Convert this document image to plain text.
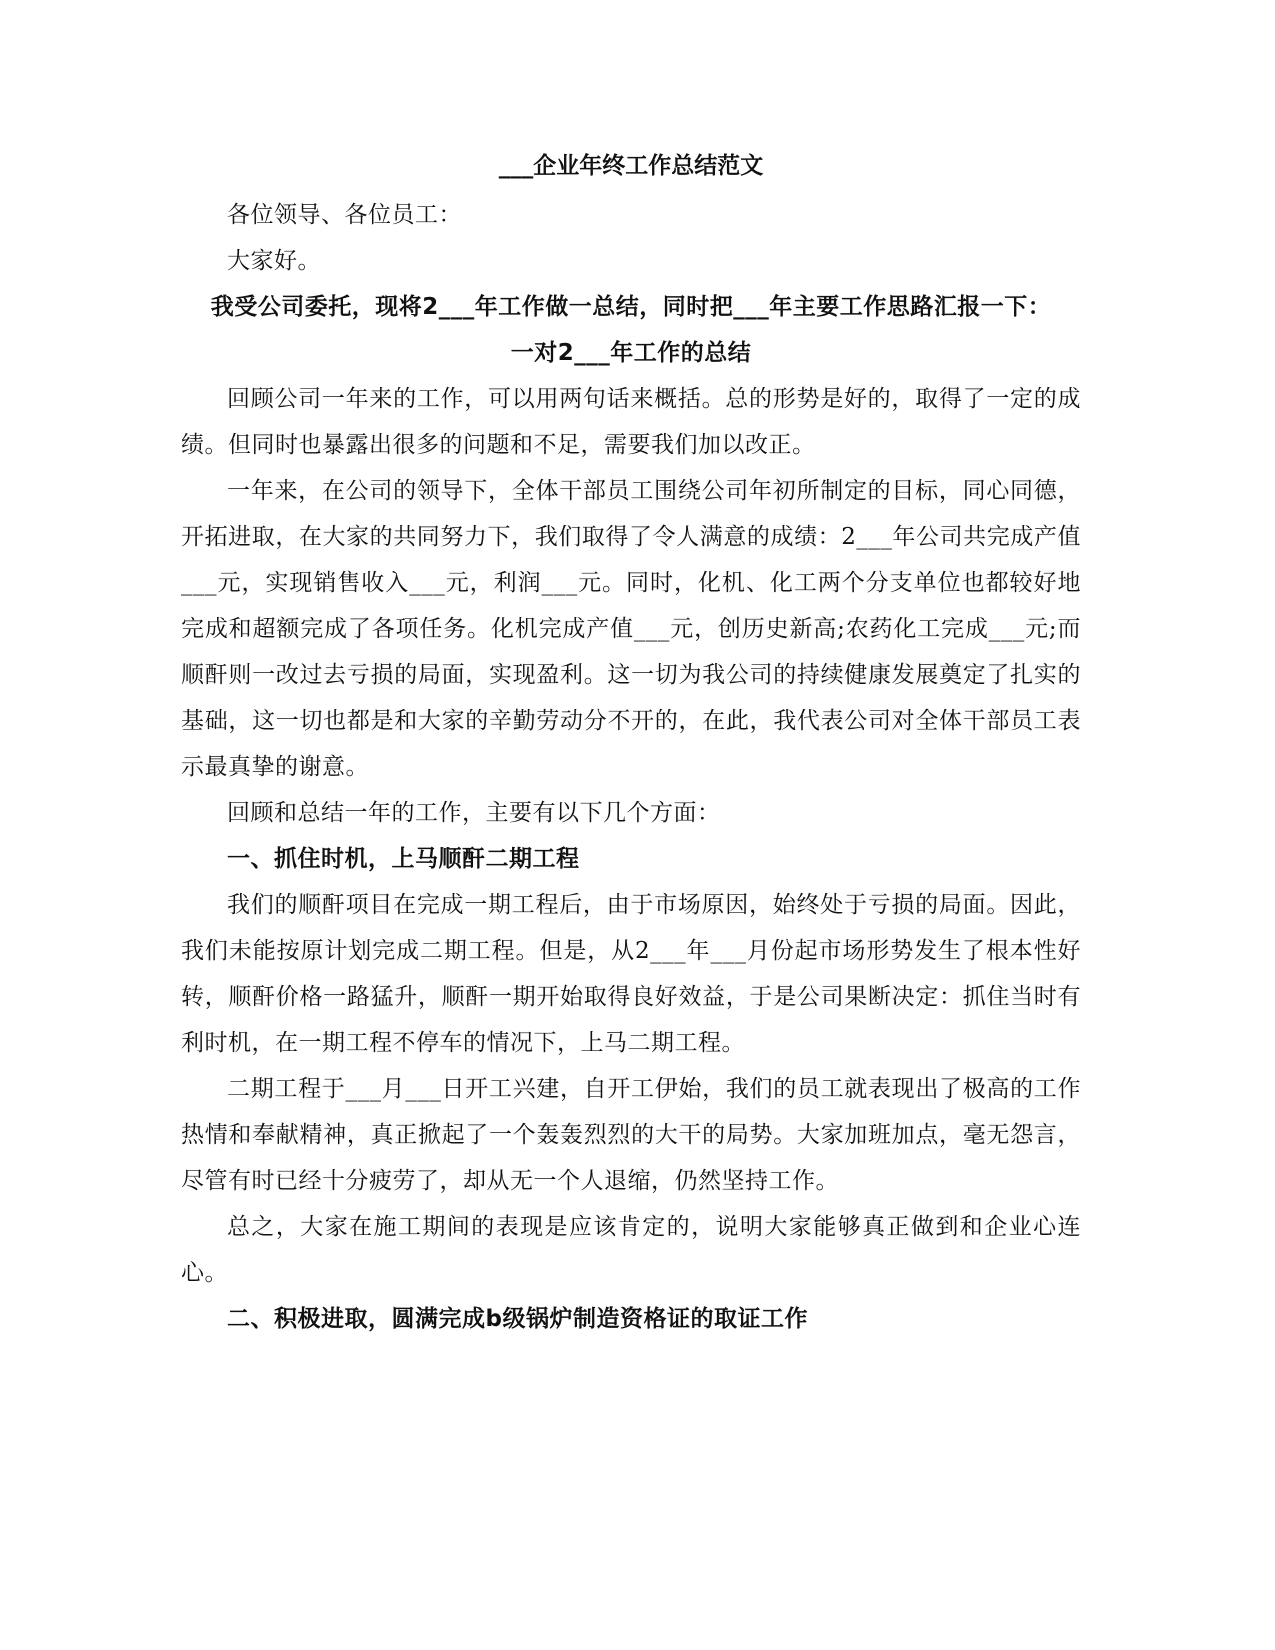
___企业年终工作总结范文

各位领导、各位员工：

大家好。

我受公司委托，现将2___年工作做一总结，同时把___年主要工作思路汇报一下：

一对2___年工作的总结

回顾公司一年来的工作，可以用两句话来概括。总的形势是好的，取得了一定的成绩。但同时也暴露出很多的问题和不足，需要我们加以改正。

一年来，在公司的领导下，全体干部员工围绕公司年初所制定的目标，同心同德，开拓进取，在大家的共同努力下，我们取得了令人满意的成绩：2___年公司共完成产值___元，实现销售收入___元，利润___元。同时，化机、化工两个分支单位也都较好地完成和超额完成了各项任务。化机完成产值___元，创历史新高;农药化工完成___元;而顺酐则一改过去亏损的局面，实现盈利。这一切为我公司的持续健康发展奠定了扎实的基础，这一切也都是和大家的辛勤劳动分不开的，在此，我代表公司对全体干部员工表示最真挚的谢意。

回顾和总结一年的工作，主要有以下几个方面：

一、抓住时机，上马顺酐二期工程

我们的顺酐项目在完成一期工程后，由于市场原因，始终处于亏损的局面。因此，我们未能按原计划完成二期工程。但是，从2___年___月份起市场形势发生了根本性好转，顺酐价格一路猛升，顺酐一期开始取得良好效益，于是公司果断决定：抓住当时有利时机，在一期工程不停车的情况下，上马二期工程。

二期工程于___月___日开工兴建，自开工伊始，我们的员工就表现出了极高的工作热情和奉献精神，真正掀起了一个轰轰烈烈的大干的局势。大家加班加点，毫无怨言，尽管有时已经十分疲劳了，却从无一个人退缩，仍然坚持工作。

总之，大家在施工期间的表现是应该肯定的，说明大家能够真正做到和企业心连心。

二、积极进取，圆满完成b级锅炉制造资格证的取证工作
